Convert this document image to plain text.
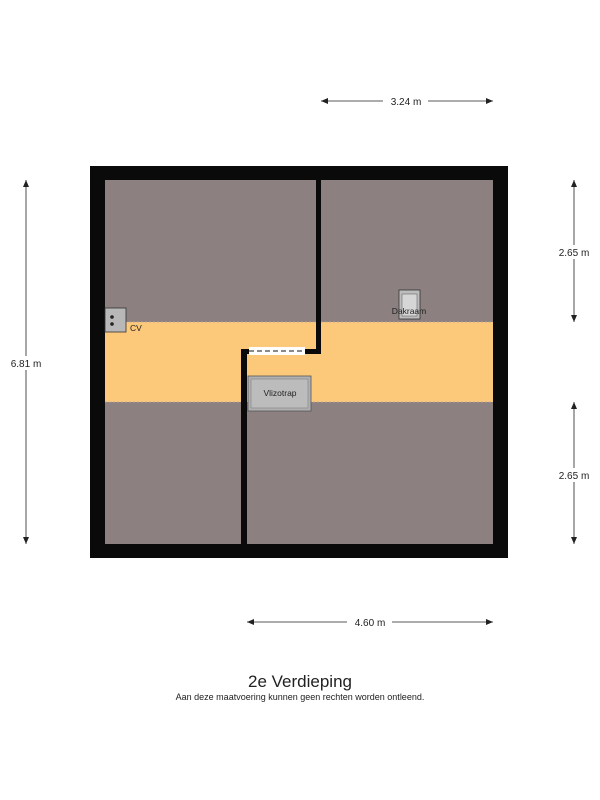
CV
Dakraam
Vlizotrap
3.24 m
4.60 m
6.81 m
2.65 m
2.65 m
2e Verdieping
Aan deze maatvoering kunnen geen rechten worden ontleend.
